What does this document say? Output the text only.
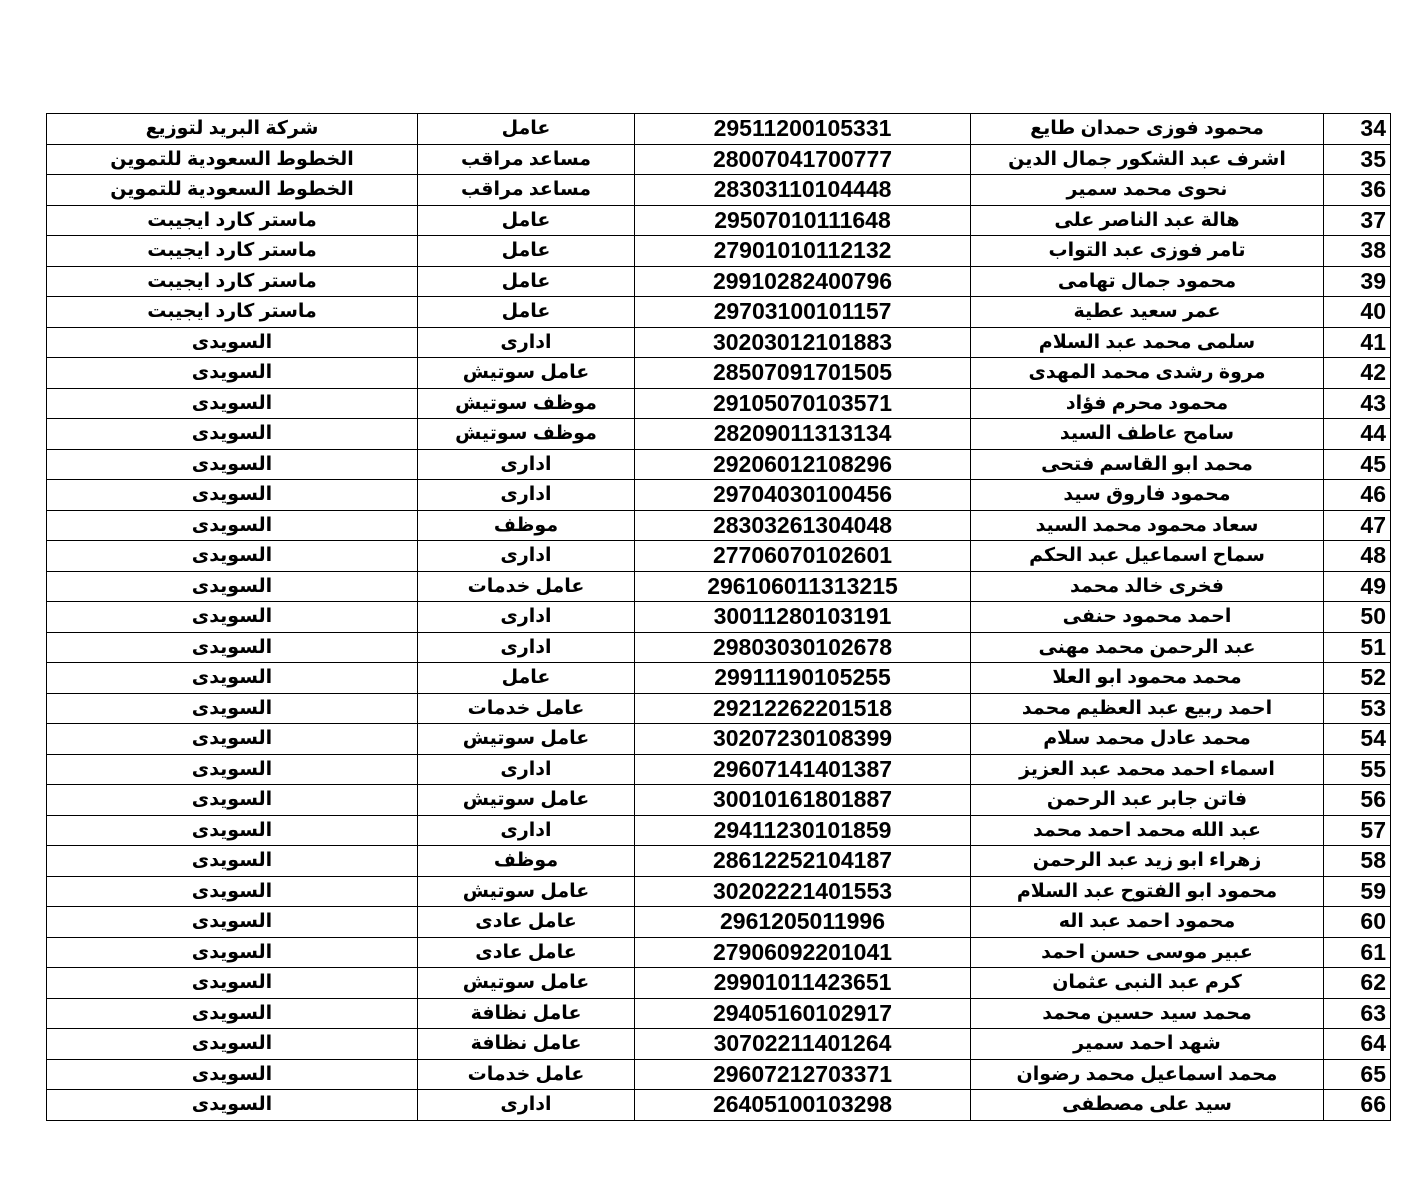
شركة البريد لتوزيع	عامل	29511200105331	محمود فوزى حمدان طايع	34
الخطوط السعودية للتموين	مساعد مراقب	28007041700777	اشرف عبد الشكور جمال الدين	35
الخطوط السعودية للتموين	مساعد مراقب	28303110104448	نحوى محمد سمير	36
ماستر كارد ايجيبت	عامل	29507010111648	هالة عبد الناصر على	37
ماستر كارد ايجيبت	عامل	27901010112132	تامر فوزى عبد التواب	38
ماستر كارد ايجيبت	عامل	29910282400796	محمود جمال تهامى	39
ماستر كارد ايجيبت	عامل	29703100101157	عمر سعيد عطية	40
السويدى	ادارى	30203012101883	سلمى محمد عبد السلام	41
السويدى	عامل سوتيش	28507091701505	مروة رشدى محمد المهدى	42
السويدى	موظف سوتيش	29105070103571	محمود محرم فؤاد	43
السويدى	موظف سوتيش	28209011313134	سامح عاطف السيد	44
السويدى	ادارى	29206012108296	محمد ابو القاسم فتحى	45
السويدى	ادارى	29704030100456	محمود فاروق سيد	46
السويدى	موظف	28303261304048	سعاد محمود محمد السيد	47
السويدى	ادارى	27706070102601	سماح اسماعيل عبد الحكم	48
السويدى	عامل خدمات	296106011313215	فخرى خالد محمد	49
السويدى	ادارى	30011280103191	احمد محمود حنفى	50
السويدى	ادارى	29803030102678	عبد الرحمن محمد مهنى	51
السويدى	عامل	29911190105255	محمد محمود ابو العلا	52
السويدى	عامل خدمات	29212262201518	احمد ربيع عبد العظيم محمد	53
السويدى	عامل سوتيش	30207230108399	محمد عادل محمد سلام	54
السويدى	ادارى	29607141401387	اسماء احمد محمد عبد العزيز	55
السويدى	عامل سوتيش	30010161801887	فاتن جابر عبد الرحمن	56
السويدى	ادارى	29411230101859	عبد الله محمد احمد محمد	57
السويدى	موظف	28612252104187	زهراء ابو زيد عبد الرحمن	58
السويدى	عامل سوتيش	30202221401553	محمود ابو الفتوح عبد السلام	59
السويدى	عامل عادى	2961205011996	محمود احمد عبد اله	60
السويدى	عامل عادى	27906092201041	عبير موسى حسن احمد	61
السويدى	عامل سوتيش	29901011423651	كرم عبد النبى عثمان	62
السويدى	عامل نظافة	29405160102917	محمد سيد حسين محمد	63
السويدى	عامل نظافة	30702211401264	شهد احمد سمير	64
السويدى	عامل خدمات	29607212703371	محمد اسماعيل محمد رضوان	65
السويدى	ادارى	26405100103298	سيد على مصطفى	66
